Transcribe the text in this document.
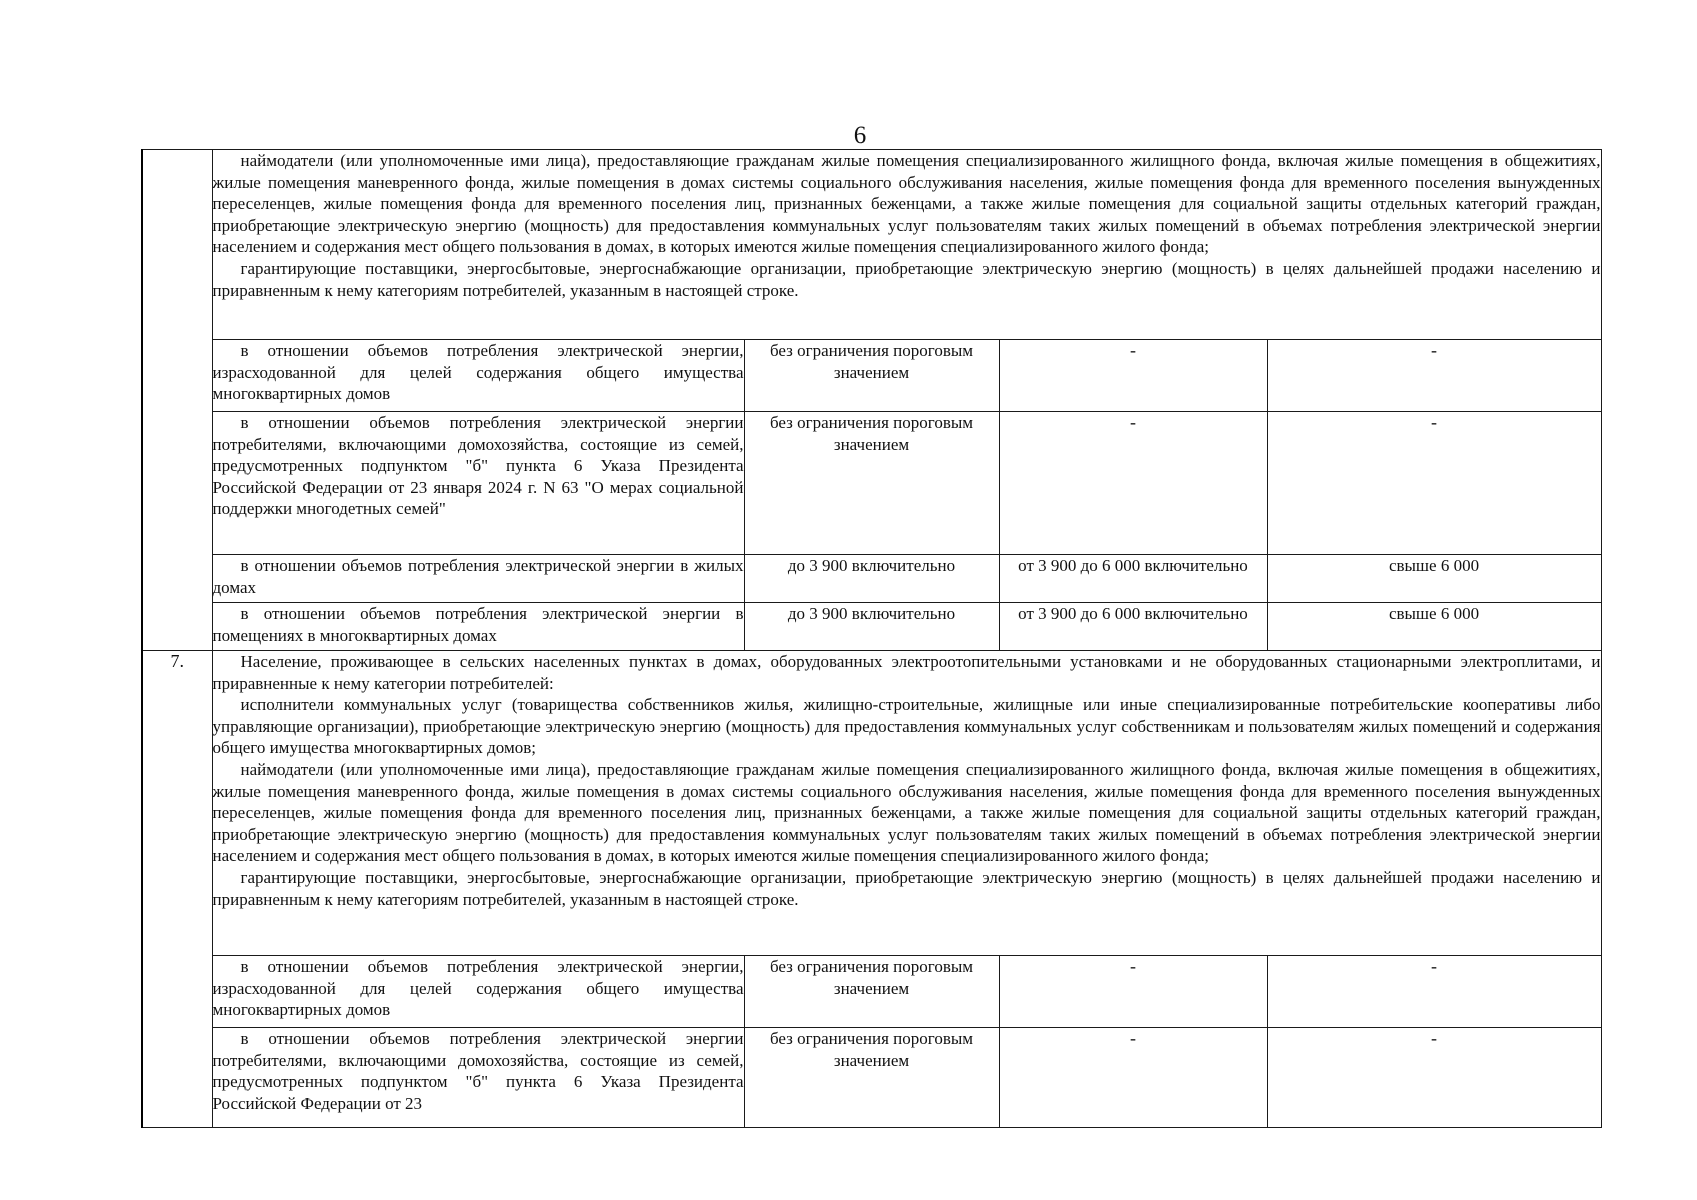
6

	наймодатели (или уполномоченные ими лица), предоставляющие гражданам жилые помещения специализированного жилищного фонда, включая жилые помещения в общежитиях, жилые помещения маневренного фонда, жилые помещения в домах системы социального обслуживания населения, жилые помещения фонда для временного поселения вынужденных переселенцев, жилые помещения фонда для временного поселения лиц, признанных беженцами, а также жилые помещения для социальной защиты отдельных категорий граждан, приобретающие электрическую энергию (мощность) для предоставления коммунальных услуг пользователям таких жилых помещений в объемах потребления электрической энергии населением и содержания мест общего пользования в домах, в которых имеются жилые помещения специализированного жилого фонда;

гарантирующие поставщики, энергосбытовые, энергоснабжающие организации, приобретающие электрическую энергию (мощность) в целях дальнейшей продажи населению и приравненным к нему категориям потребителей, указанным в настоящей строке.			

	в отношении объемов потребления электрической энергии, израсходованной для целей содержания общего имущества многоквартирных домов	без ограничения пороговым значением	-	-
	в отношении объемов потребления электрической энергии потребителями, включающими домохозяйства, состоящие из семей, предусмотренных подпунктом "б" пункта 6 Указа Президента Российской Федерации от 23 января 2024 г. N 63 "О мерах социальной поддержки многодетных семей"	без ограничения пороговым значением	-	-
	в отношении объемов потребления электрической энергии в жилых домах	до 3 900 включительно	от 3 900 до 6 000 включительно	свыше 6 000
	в отношении объемов потребления электрической энергии в помещениях в многоквартирных домах	до 3 900 включительно	от 3 900 до 6 000 включительно	свыше 6 000
7.	Население, проживающее в сельских населенных пунктах в домах, оборудованных электроотопительными установками и не оборудованных стационарными электроплитами, и приравненные к нему категории потребителей:

исполнители коммунальных услуг (товарищества собственников жилья, жилищно-строительные, жилищные или иные специализированные потребительские кооперативы либо управляющие организации), приобретающие электрическую энергию (мощность) для предоставления коммунальных услуг собственникам и пользователям жилых помещений и содержания общего имущества многоквартирных домов;

наймодатели (или уполномоченные ими лица), предоставляющие гражданам жилые помещения специализированного жилищного фонда, включая жилые помещения в общежитиях, жилые помещения маневренного фонда, жилые помещения в домах системы социального обслуживания населения, жилые помещения фонда для временного поселения вынужденных переселенцев, жилые помещения фонда для временного поселения лиц, признанных беженцами, а также жилые помещения для социальной защиты отдельных категорий граждан, приобретающие электрическую энергию (мощность) для предоставления коммунальных услуг пользователям таких жилых помещений в объемах потребления электрической энергии населением и содержания мест общего пользования в домах, в которых имеются жилые помещения специализированного жилого фонда;

гарантирующие поставщики, энергосбытовые, энергоснабжающие организации, приобретающие электрическую энергию (мощность) в целях дальнейшей продажи населению и приравненным к нему категориям потребителей, указанным в настоящей строке.			

	в отношении объемов потребления электрической энергии, израсходованной для целей содержания общего имущества многоквартирных домов	без ограничения пороговым значением	-	-
	в отношении объемов потребления электрической энергии потребителями, включающими домохозяйства, состоящие из семей, предусмотренных подпунктом "б" пункта 6 Указа Президента Российской Федерации от 23	без ограничения пороговым значением	-	-
